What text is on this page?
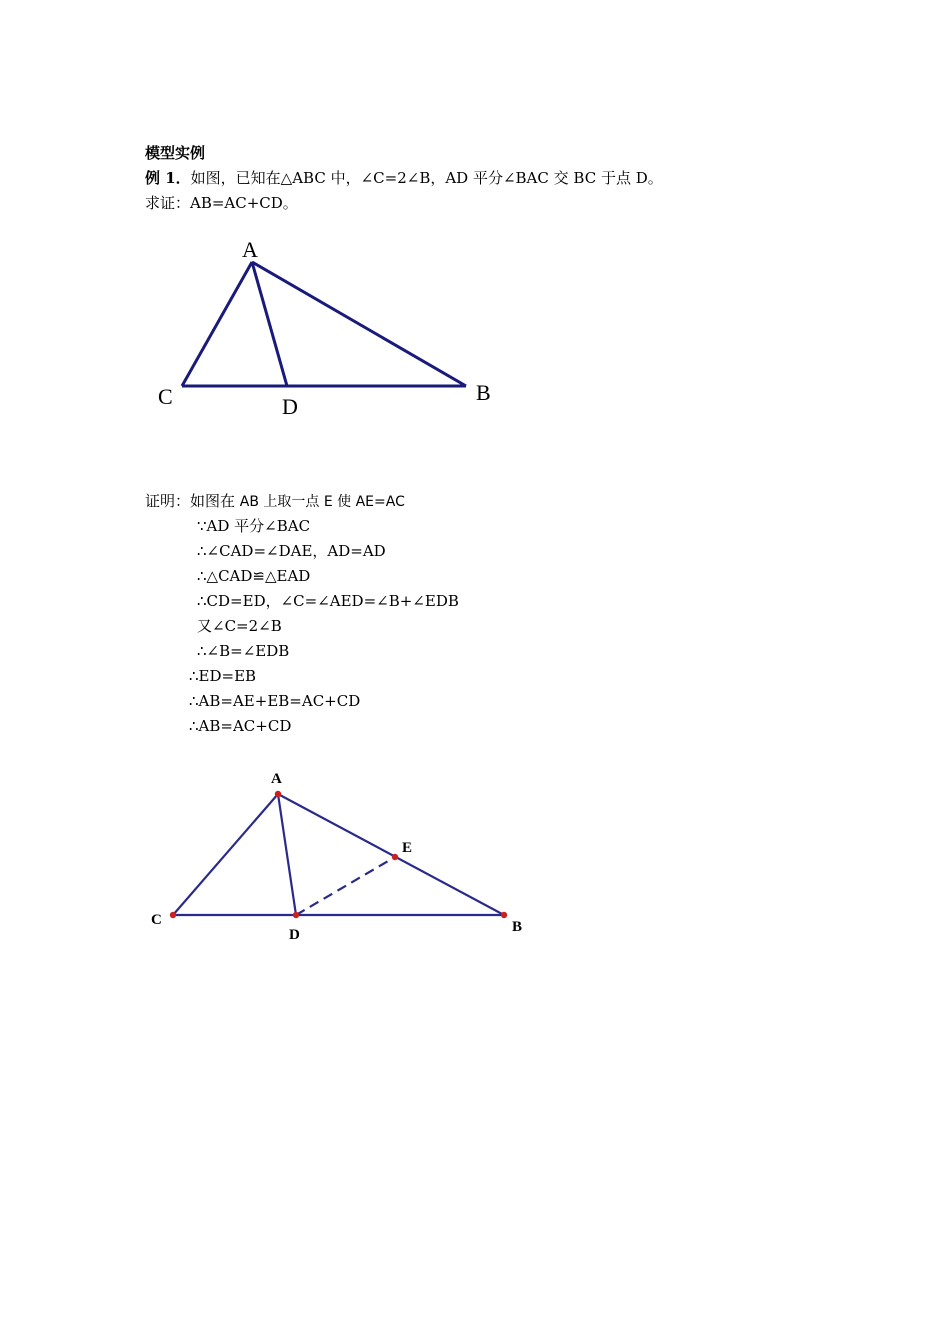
模型实例
例 1．如图，已知在△ABC 中，∠C=2∠B，AD 平分∠BAC 交 BC 于点 D。
求证：AB=AC+CD。
A
C	D
B
证明：如图在 AB 上取一点 E 使 AE=AC
∵AD 平分∠BAC
∴∠CAD=∠DAE，AD=AD
∴△CAD≌△EAD
∴CD=ED，∠C=∠AED=∠B+∠EDB
又∠C=2∠B
∴∠B=∠EDB
∴ED=EB
∴AB=AE+EB=AC+CD
∴AB=AC+CD
A
E
C
D	B
